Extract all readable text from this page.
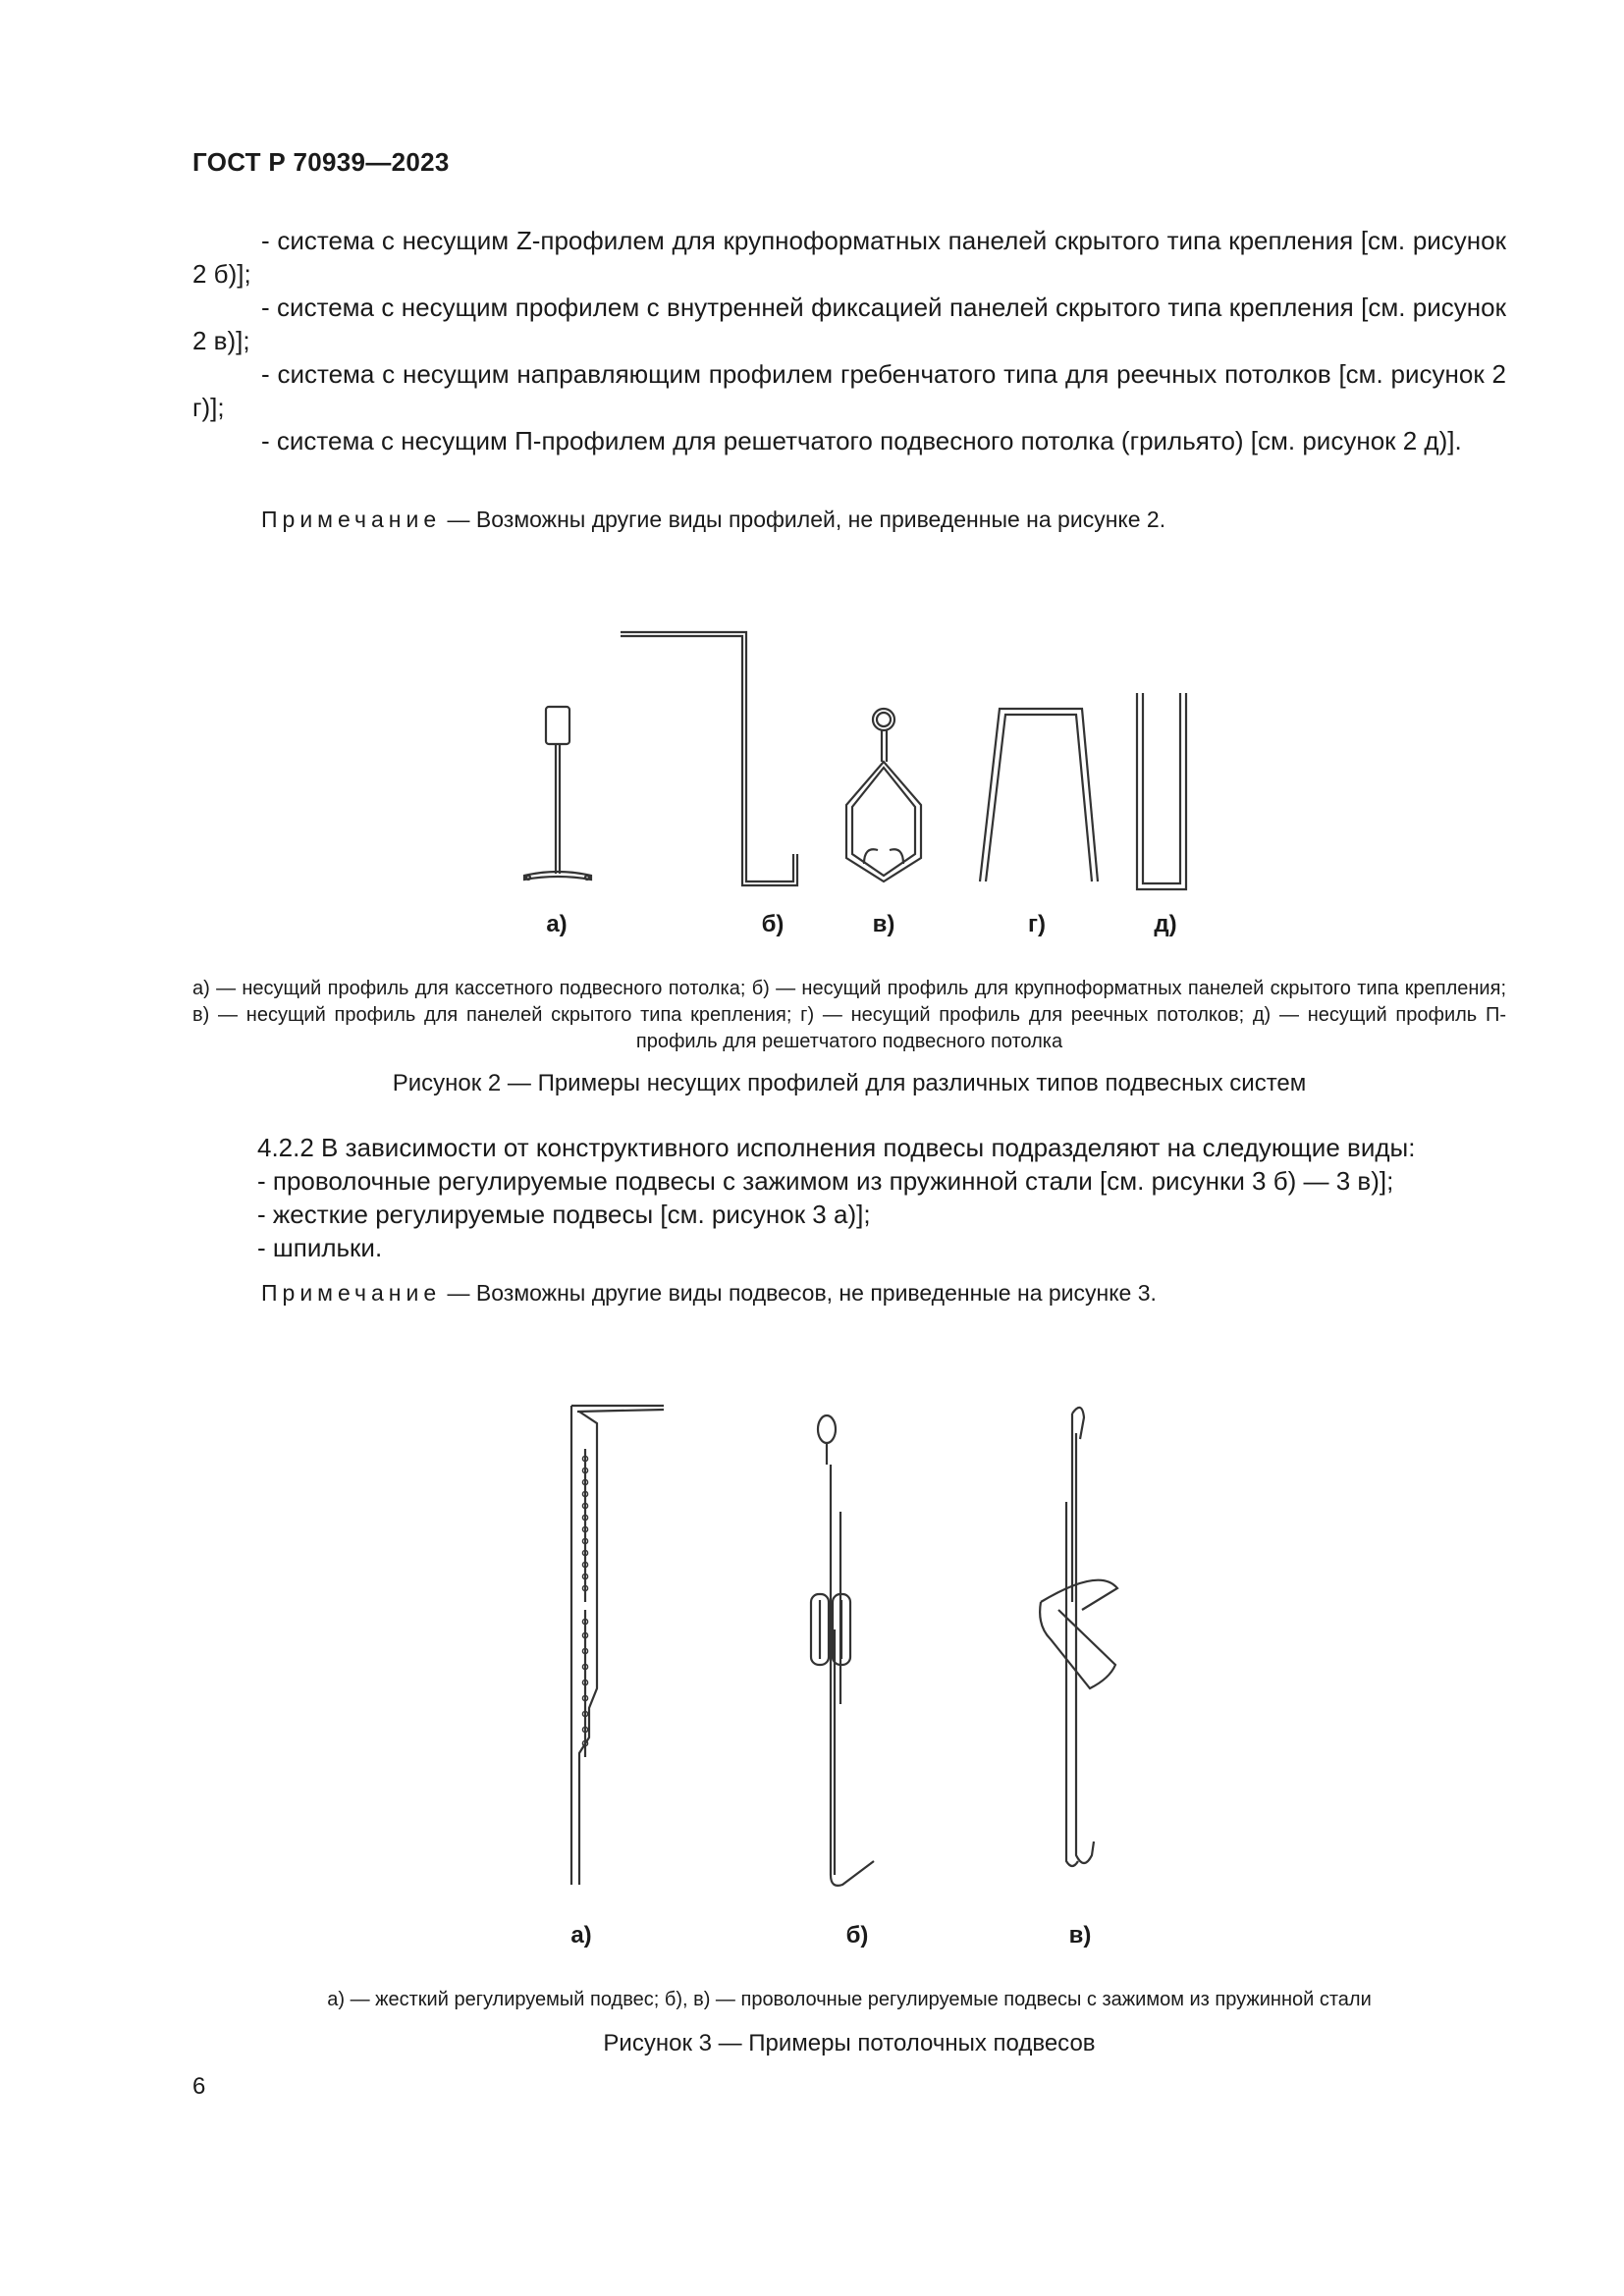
ГОСТ Р 70939—2023

- система с несущим Z-профилем для крупноформатных панелей скрытого типа крепления [см. рисунок 2 б)];

- система с несущим профилем с внутренней фиксацией панелей скрытого типа крепления [см. рисунок 2 в)];

- система с несущим направляющим профилем гребенчатого типа для реечных потолков [см. рисунок 2 г)];

- система с несущим П-профилем для решетчатого подвесного потолка (грильято) [см. рисунок 2 д)].

Примечание — Возможны другие виды профилей, не приведенные на рисунке 2.
а)	б)	в)	г)	д)
а) — несущий профиль для кассетного подвесного потолка; б) — несущий профиль для крупноформатных панелей скрытого типа крепления; в) — несущий профиль для панелей скрытого типа крепления; г) — несущий профиль для реечных потолков; д) — несущий профиль П-профиль для решетчатого подвесного потолка
Рисунок 2 — Примеры несущих профилей для различных типов подвесных систем
4.2.2 В зависимости от конструктивного исполнения подвесы подразделяют на следующие виды:
- проволочные регулируемые подвесы с зажимом из пружинной стали [см. рисунки 3 б) — 3 в)];
- жесткие регулируемые подвесы [см. рисунок 3 а)];
- шпильки.
Примечание — Возможны другие виды подвесов, не приведенные на рисунке 3.
а)	б)	в)
а) — жесткий регулируемый подвес; б), в) — проволочные регулируемые подвесы с зажимом из пружинной стали
Рисунок 3 — Примеры потолочных подвесов
6
